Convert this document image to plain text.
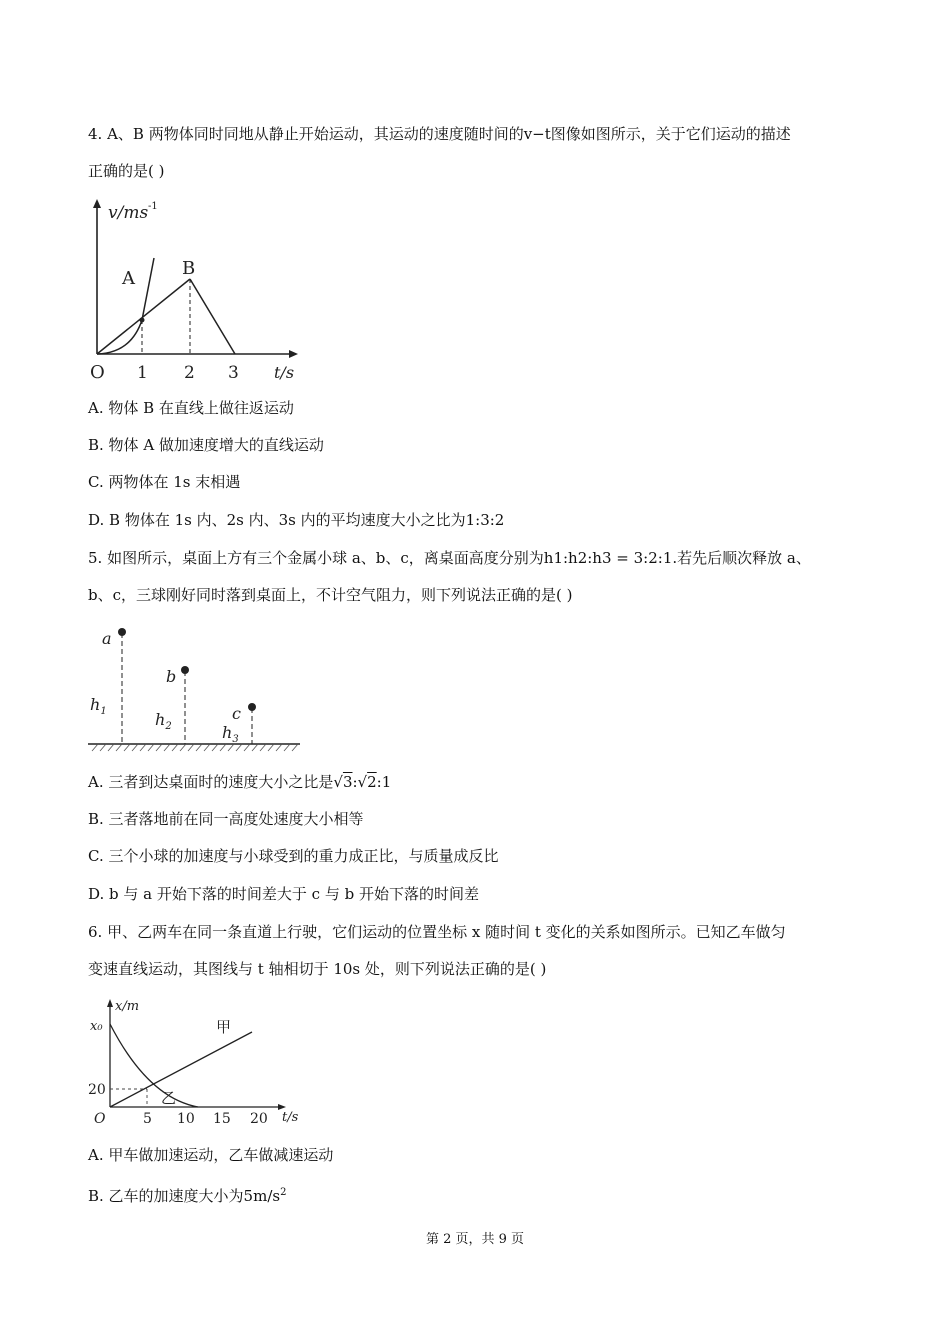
4. A、B 两物体同时同地从静止开始运动，其运动的速度随时间的v−t图像如图所示，关于它们运动的描述
正确的是( )
v/ms -1
A	B
O 1 2 3 t/s
A. 物体 B 在直线上做往返运动
B. 物体 A 做加速度增大的直线运动
C. 两物体在 1s 末相遇
D. B 物体在 1s 内、2s 内、3s 内的平均速度大小之比为1:3:2
5. 如图所示，桌面上方有三个金属小球 a、b、c，离桌面高度分别为h1:h2:h3 = 3:2:1.若先后顺次释放 a、
b、c，三球刚好同时落到桌面上，不计空气阻力，则下列说法正确的是( )
a
b
c
$h_1$	$h_2$	$h_3$
A. 三者到达桌面时的速度大小之比是√3:√2:1
B. 三者落地前在同一高度处速度大小相等
C. 三个小球的加速度与小球受到的重力成正比，与质量成反比
D. b 与 a 开始下落的时间差大于 c 与 b 开始下落的时间差
6. 甲、乙两车在同一条直道上行驶，它们运动的位置坐标 x 随时间 t 变化的关系如图所示。已知乙车做匀
变速直线运动，其图线与 t 轴相切于 10s 处，则下列说法正确的是( )
x/m
x₀
20
O	5 10 15 20 t/s
甲
乙
A. 甲车做加速运动，乙车做减速运动
B. 乙车的加速度大小为$5m/s^2$
第 2 页，共 9 页
